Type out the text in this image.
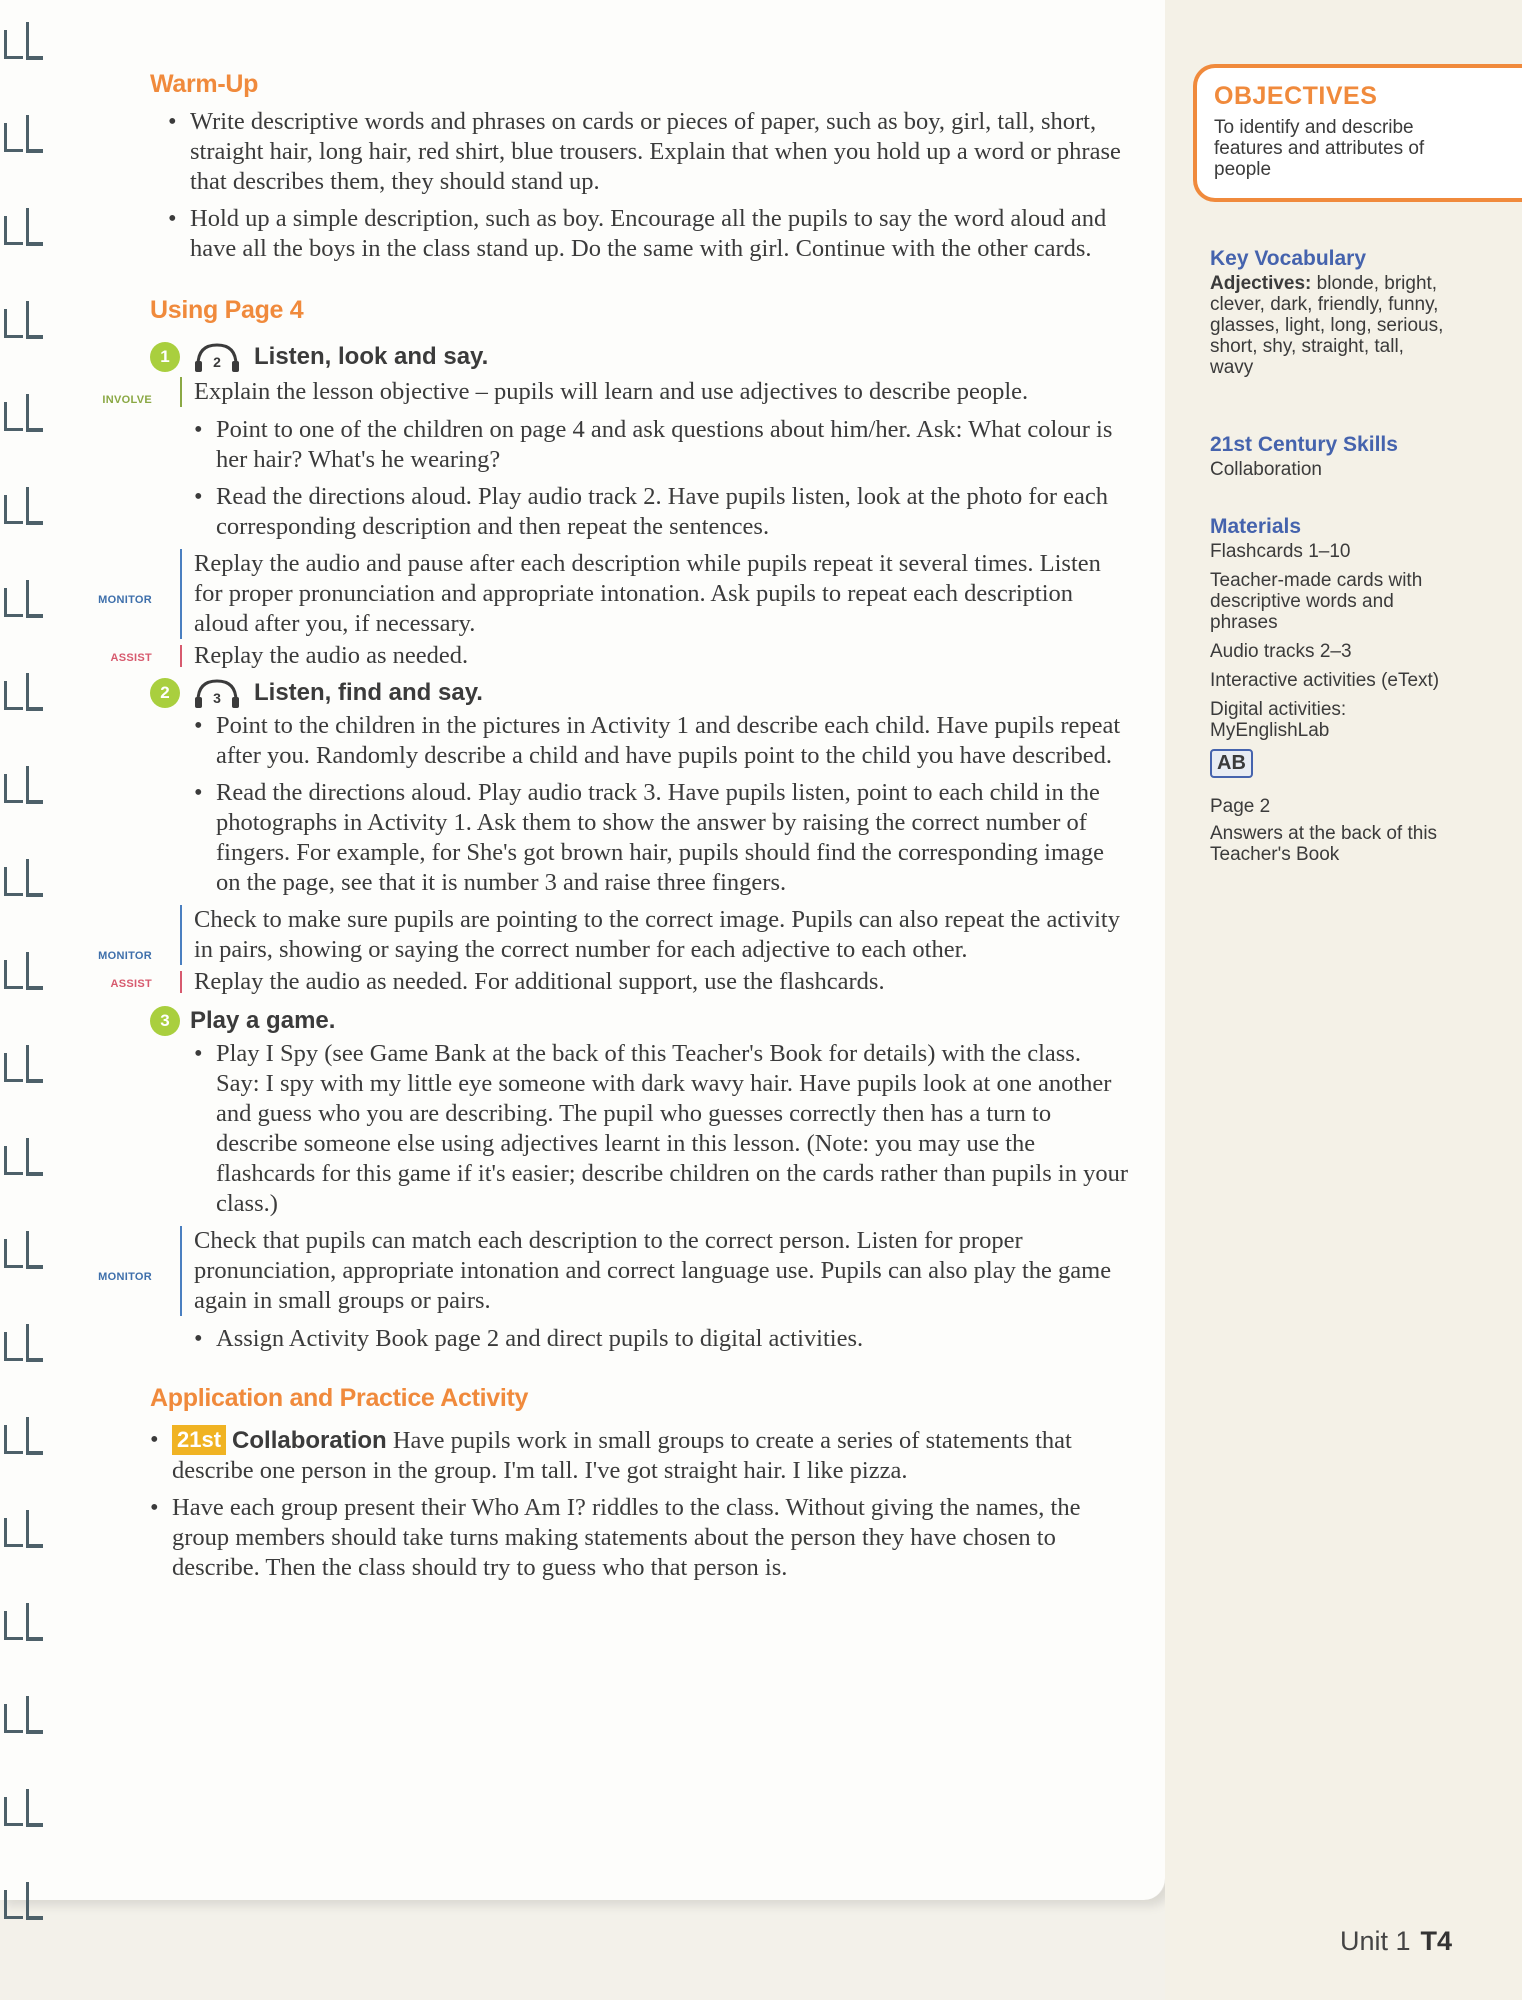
Warm-Up
• Write descriptive words and phrases on cards or pieces of paper, such as boy, girl, tall, short, straight hair, long hair, red shirt, blue trousers. Explain that when you hold up a word or phrase that describes them, they should stand up.
• Hold up a simple description, such as boy. Encourage all the pupils to say the word aloud and have all the boys in the class stand up. Do the same with girl. Continue with the other cards.
Using Page 4
1	2 Listen, look and say.
INVOLVE Explain the lesson objective – pupils will learn and use adjectives to describe people.
• Point to one of the children on page 4 and ask questions about him/her. Ask: What colour is her hair? What's he wearing?
• Read the directions aloud. Play audio track 2. Have pupils listen, look at the photo for each corresponding description and then repeat the sentences.
MONITOR
Replay the audio and pause after each description while pupils repeat it several times. Listen for proper pronunciation and appropriate intonation. Ask pupils to repeat each description aloud after you, if necessary.
ASSIST Replay the audio as needed.
2	3 Listen, find and say.
• Point to the children in the pictures in Activity 1 and describe each child. Have pupils repeat after you. Randomly describe a child and have pupils point to the child you have described.
• Read the directions aloud. Play audio track 3. Have pupils listen, point to each child in the photographs in Activity 1. Ask them to show the answer by raising the correct number of fingers. For example, for She's got brown hair, pupils should find the corresponding image on the page, see that it is number 3 and raise three fingers.
MONITOR
Check to make sure pupils are pointing to the correct image. Pupils can also repeat the activity in pairs, showing or saying the correct number for each adjective to each other.
ASSIST Replay the audio as needed. For additional support, use the flashcards.
3 Play a game.
• Play I Spy (see Game Bank at the back of this Teacher's Book for details) with the class. Say: I spy with my little eye someone with dark wavy hair. Have pupils look at one another and guess who you are describing. The pupil who guesses correctly then has a turn to describe someone else using adjectives learnt in this lesson. (Note: you may use the flashcards for this game if it's easier; describe children on the cards rather than pupils in your class.)
MONITOR
Check that pupils can match each description to the correct person. Listen for proper pronunciation, appropriate intonation and correct language use. Pupils can also play the game again in small groups or pairs.
• Assign Activity Book page 2 and direct pupils to digital activities.
Application and Practice Activity
• 21st Collaboration Have pupils work in small groups to create a series of statements that describe one person in the group. I'm tall. I've got straight hair. I like pizza.
• Have each group present their Who Am I? riddles to the class. Without giving the names, the group members should take turns making statements about the person they have chosen to describe. Then the class should try to guess who that person is.
OBJECTIVES

To identify and describe features and attributes of people

Key Vocabulary
Adjectives: blonde, bright, clever, dark, friendly, funny, glasses, light, long, serious, short, shy, straight, tall, wavy
21st Century Skills
Collaboration
Materials
Flashcards 1–10
Teacher-made cards with descriptive words and phrases
Audio tracks 2–3
Interactive activities (eText)
Digital activities: MyEnglishLab
AB
Page 2
Answers at the back of this Teacher's Book
Unit 1 T4
